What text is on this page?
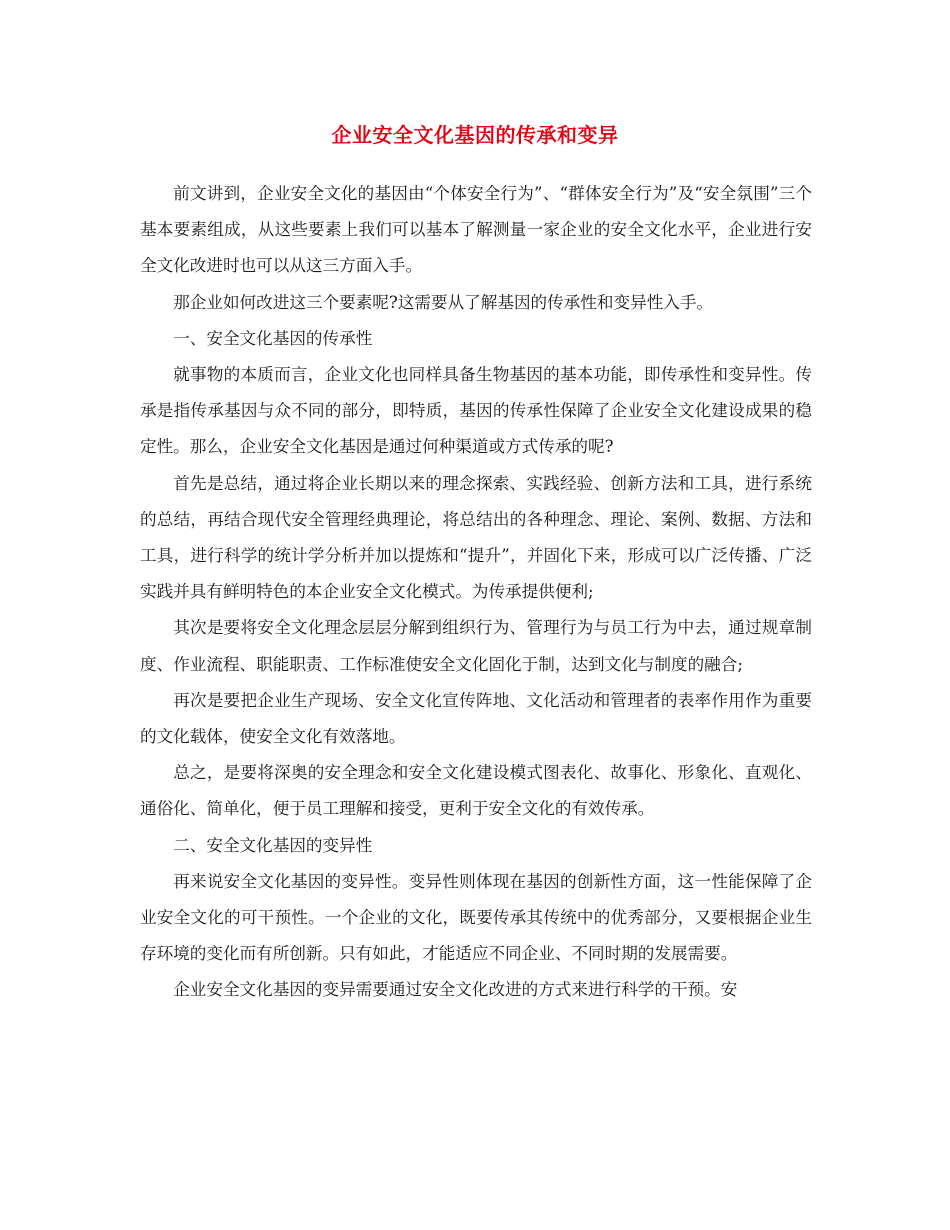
企业安全文化基因的传承和变异

前文讲到，企业安全文化的基因由“个体安全行为”、“群体安全行为”及“安全氛围”三个基本要素组成，从这些要素上我们可以基本了解测量一家企业的安全文化水平，企业进行安全文化改进时也可以从这三方面入手。

那企业如何改进这三个要素呢?这需要从了解基因的传承性和变异性入手。

一、安全文化基因的传承性

就事物的本质而言，企业文化也同样具备生物基因的基本功能，即传承性和变异性。传承是指传承基因与众不同的部分，即特质，基因的传承性保障了企业安全文化建设成果的稳定性。那么，企业安全文化基因是通过何种渠道或方式传承的呢?

首先是总结，通过将企业长期以来的理念探索、实践经验、创新方法和工具，进行系统的总结，再结合现代安全管理经典理论，将总结出的各种理念、理论、案例、数据、方法和工具，进行科学的统计学分析并加以提炼和“提升”，并固化下来，形成可以广泛传播、广泛实践并具有鲜明特色的本企业安全文化模式。为传承提供便利;

其次是要将安全文化理念层层分解到组织行为、管理行为与员工行为中去，通过规章制度、作业流程、职能职责、工作标准使安全文化固化于制，达到文化与制度的融合;

再次是要把企业生产现场、安全文化宣传阵地、文化活动和管理者的表率作用作为重要的文化载体，使安全文化有效落地。

总之，是要将深奥的安全理念和安全文化建设模式图表化、故事化、形象化、直观化、通俗化、简单化，便于员工理解和接受，更利于安全文化的有效传承。

二、安全文化基因的变异性

再来说安全文化基因的变异性。变异性则体现在基因的创新性方面，这一性能保障了企业安全文化的可干预性。一个企业的文化，既要传承其传统中的优秀部分，又要根据企业生存环境的变化而有所创新。只有如此，才能适应不同企业、不同时期的发展需要。

企业安全文化基因的变异需要通过安全文化改进的方式来进行科学的干预。安
